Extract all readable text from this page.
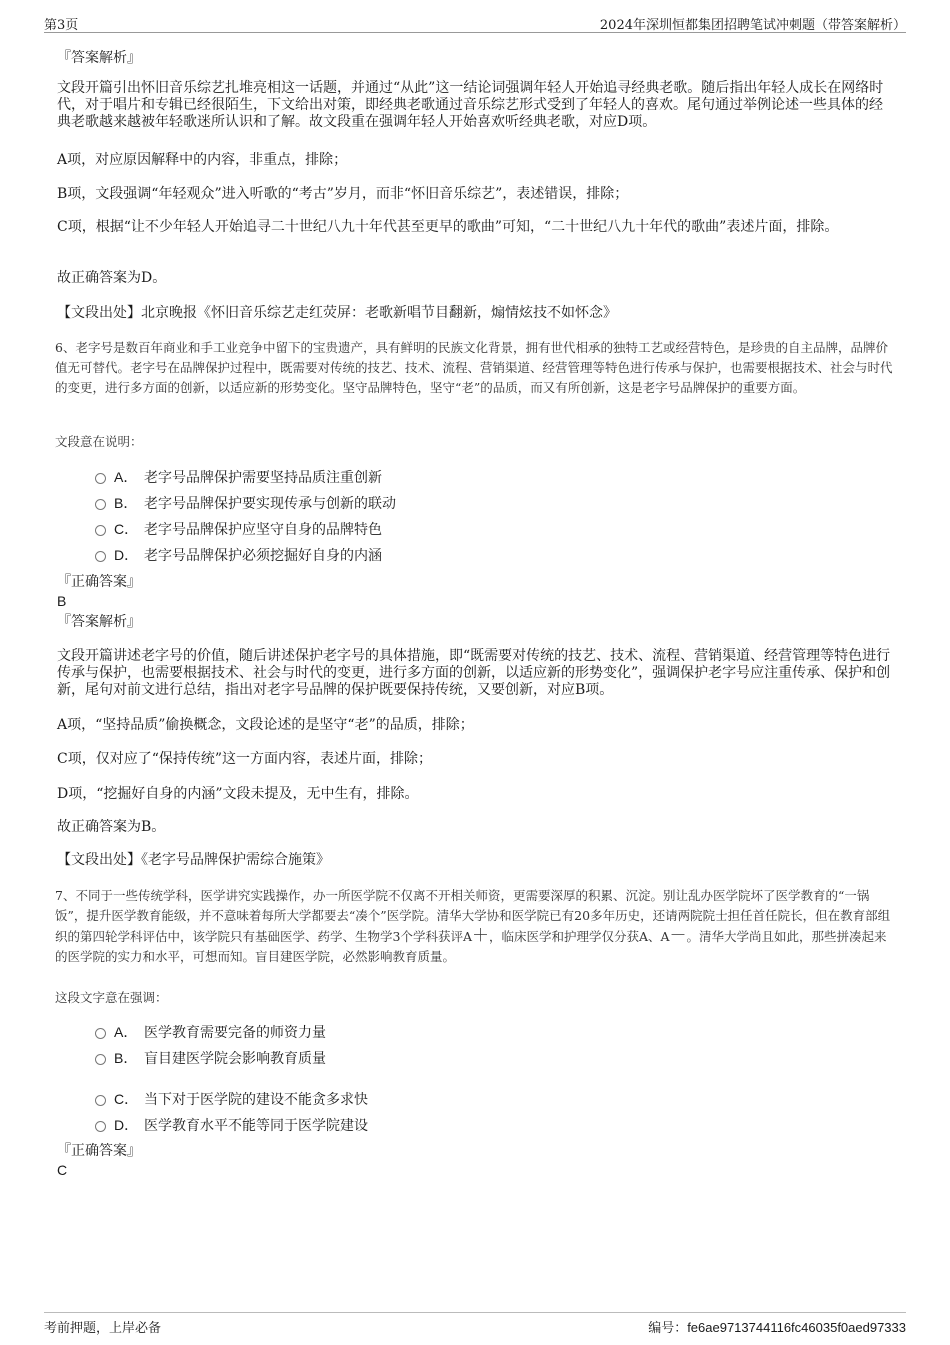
第3页	2024年深圳恒都集团招聘笔试冲刺题（带答案解析）
『答案解析』
文段开篇引出怀旧音乐综艺扎堆亮相这一话题，并通过“从此”这一结论词强调年轻人开始追寻经典老歌。随后指出年轻人成长在网络时代，对于唱片和专辑已经很陌生，下文给出对策，即经典老歌通过音乐综艺形式受到了年轻人的喜欢。尾句通过举例论述一些具体的经典老歌越来越被年轻歌迷所认识和了解。故文段重在强调年轻人开始喜欢听经典老歌，对应D项。
A项，对应原因解释中的内容，非重点，排除；
B项，文段强调“年轻观众”进入听歌的“考古”岁月，而非“怀旧音乐综艺”，表述错误，排除；
C项，根据“让不少年轻人开始追寻二十世纪八九十年代甚至更早的歌曲”可知，“二十世纪八九十年代的歌曲”表述片面，排除。
故正确答案为D。
【文段出处】北京晚报《怀旧音乐综艺走红荧屏：老歌新唱节目翻新，煽情炫技不如怀念》
6、老字号是数百年商业和手工业竞争中留下的宝贵遗产，具有鲜明的民族文化背景，拥有世代相承的独特工艺或经营特色，是珍贵的自主品牌，品牌价值无可替代。老字号在品牌保护过程中，既需要对传统的技艺、技术、流程、营销渠道、经营管理等特色进行传承与保护，也需要根据技术、社会与时代的变更，进行多方面的创新，以适应新的形势变化。坚守品牌特色，坚守“老”的品质，而又有所创新，这是老字号品牌保护的重要方面。
文段意在说明：
A． 老字号品牌保护需要坚持品质注重创新
B． 老字号品牌保护要实现传承与创新的联动
C． 老字号品牌保护应坚守自身的品牌特色
D． 老字号品牌保护必须挖掘好自身的内涵
『正确答案』
B
『答案解析』
文段开篇讲述老字号的价值，随后讲述保护老字号的具体措施，即“既需要对传统的技艺、技术、流程、营销渠道、经营管理等特色进行传承与保护，也需要根据技术、社会与时代的变更，进行多方面的创新，以适应新的形势变化”，强调保护老字号应注重传承、保护和创新，尾句对前文进行总结，指出对老字号品牌的保护既要保持传统，又要创新，对应B项。
A项，“坚持品质”偷换概念，文段论述的是坚守“老”的品质，排除；
C项，仅对应了“保持传统”这一方面内容，表述片面，排除；
D项，“挖掘好自身的内涵”文段未提及，无中生有，排除。
故正确答案为B。
【文段出处】《老字号品牌保护需综合施策》
7、不同于一些传统学科，医学讲究实践操作，办一所医学院不仅离不开相关师资，更需要深厚的积累、沉淀。别让乱办医学院坏了医学教育的“一锅饭”，提升医学教育能级，并不意味着每所大学都要去“凑个”医学院。清华大学协和医学院已有20多年历史，还请两院院士担任首任院长，但在教育部组织的第四轮学科评估中，该学院只有基础医学、药学、生物学3个学科获评A＋，临床医学和护理学仅分获A、A－。清华大学尚且如此，那些拼凑起来的医学院的实力和水平，可想而知。盲目建医学院，必然影响教育质量。
这段文字意在强调：
A． 医学教育需要完备的师资力量
B． 盲目建医学院会影响教育质量
C． 当下对于医学院的建设不能贪多求快
D． 医学教育水平不能等同于医学院建设
『正确答案』
C
考前押题，上岸必备	编号：fe6ae9713744116fc46035f0aed97333
